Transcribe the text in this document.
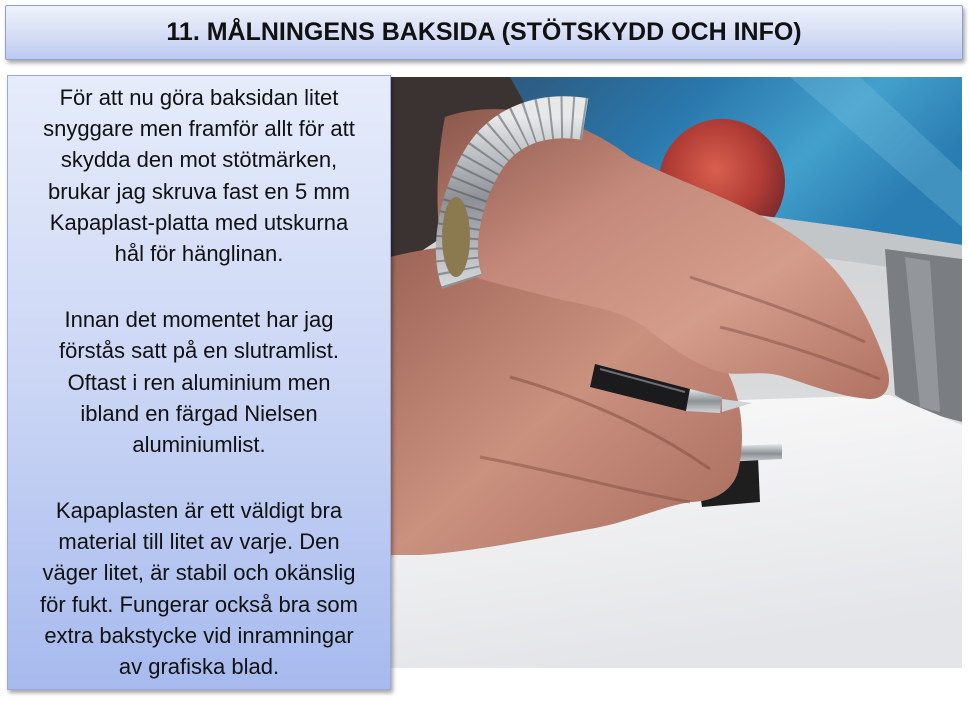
11. MÅLNINGENS BAKSIDA (STÖTSKYDD OCH INFO)
För att nu göra baksidan litet
snyggare men framför allt för att
skydda den mot stötmärken,
brukar jag skruva fast en 5 mm
Kapaplast-platta med utskurna
hål för hänglinan.
Innan det momentet har jag
förstås satt på en slutramlist.
Oftast i ren aluminium men
ibland en färgad Nielsen
aluminiumlist.
Kapaplasten är ett väldigt bra
material till litet av varje. Den
väger litet, är stabil och okänslig
för fukt. Fungerar också bra som
extra bakstycke vid inramningar
av grafiska blad.
